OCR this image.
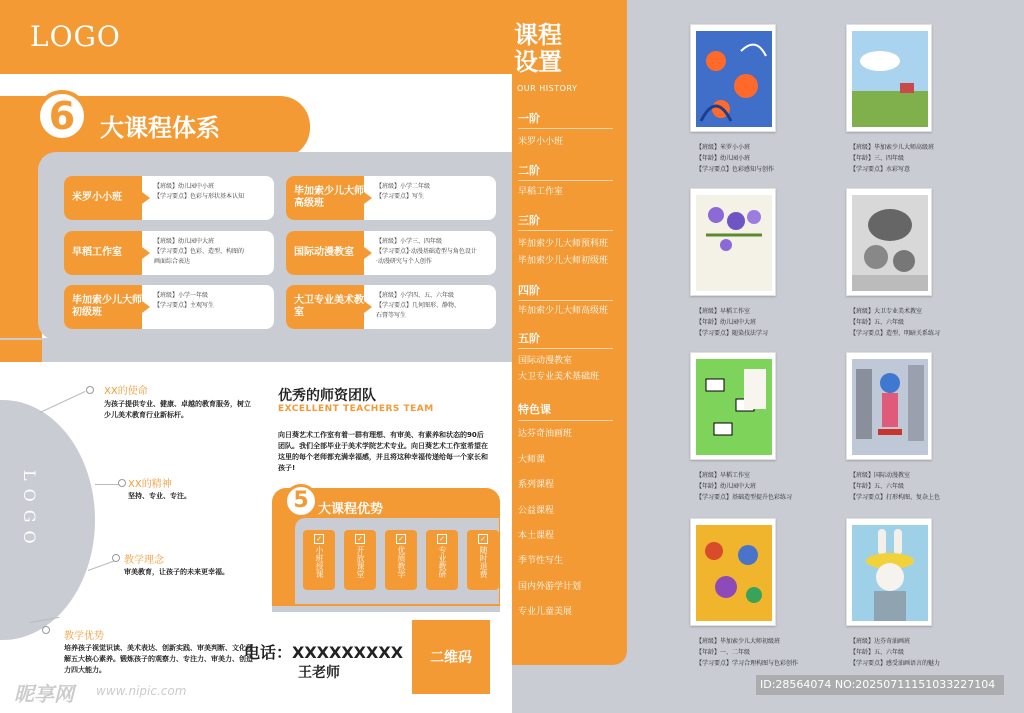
LOGO
6	大课程体系
米罗小小班
【班级】幼儿园中小班
【学习要点】色彩与形状基本认知	毕加索少儿大师高级班
【班级】小学二年级
【学习要点】写生
早稻工作室
【班级】幼儿园中大班
【学习要点】色彩、造型、构图的
画面综合表达
国际动漫教室
【班级】小学三、四年级
【学习要点】·动漫基础造型与角色设计
·动漫研究与个人创作
毕加索少儿大师初级班
【班级】小学一年级
【学习要点】主观写生	大卫专业美术教室
【班级】小学四、五、六年级
【学习要点】几何图形、静物、
石膏等写生
LOGO
XX的使命
为孩子提供专业、健康、卓越的教育服务，树立少儿美术教育行业新标杆。
XX的精神
坚持、专业、专注。
教学理念
审美教育，让孩子的未来更幸福。
教学优势
培养孩子视觉识读、美术表达、创新实践、审美判断、文化理解五大核心素养。锻炼孩子的观察力、专注力、审美力、创造力四大能力。
优秀的师资团队
EXCELLENT TEACHERS TEAM
向日葵艺术工作室有着一群有理想、有审美、有素养和状态的90后团队。我们全部毕业于美术学院艺术专业。向日葵艺术工作室希望在这里的每个老师都充满幸福感，并且将这种幸福传递给每一个家长和孩子!
5 大课程优势
✓
小班授课
✓
开放课堂
✓
优质教学
✓
专业教研
✓
随时退费
电话：XXXXXXXXX
王老师
二维码
昵享网 www.nipic.com
课程
设置
OUR HISTORY
一阶
米罗小小班
二阶
早稻工作室
三阶
毕加索少儿大师预科班
毕加索少儿大师初级班
四阶
毕加索少儿大师高级班
五阶
国际动漫教室
大卫专业美术基础班
特色课
达芬奇油画班
大师课
系列课程
公益课程
本土课程
季节性写生
国内外游学计划
专业儿童美展
【班级】米罗小小班
【年龄】幼儿园小班
【学习要点】色彩感知与创作
【班级】毕加索少儿大师高级班
【年龄】三、四年级
【学习要点】水彩写意
【班级】早稻工作室
【年龄】幼儿园中大班
【学习要点】随染技法学习
【班级】大卫专业美术教室
【年龄】五、六年级
【学习要点】造型、明暗关系练习
【班级】早稻工作室
【年龄】幼儿园中大班
【学习要点】基础造型提升色彩练习
【班级】国际动漫教室
【年龄】五、六年级
【学习要点】打形构图、复杂上色
【班级】毕加索少儿大师初级班
【年龄】一、二年级
【学习要点】学习合理构图与色彩创作
【班级】达芬奇油画班
【年龄】五、六年级
【学习要点】感受油画语言的魅力
ID:28564074 NO:20250711151033227104
